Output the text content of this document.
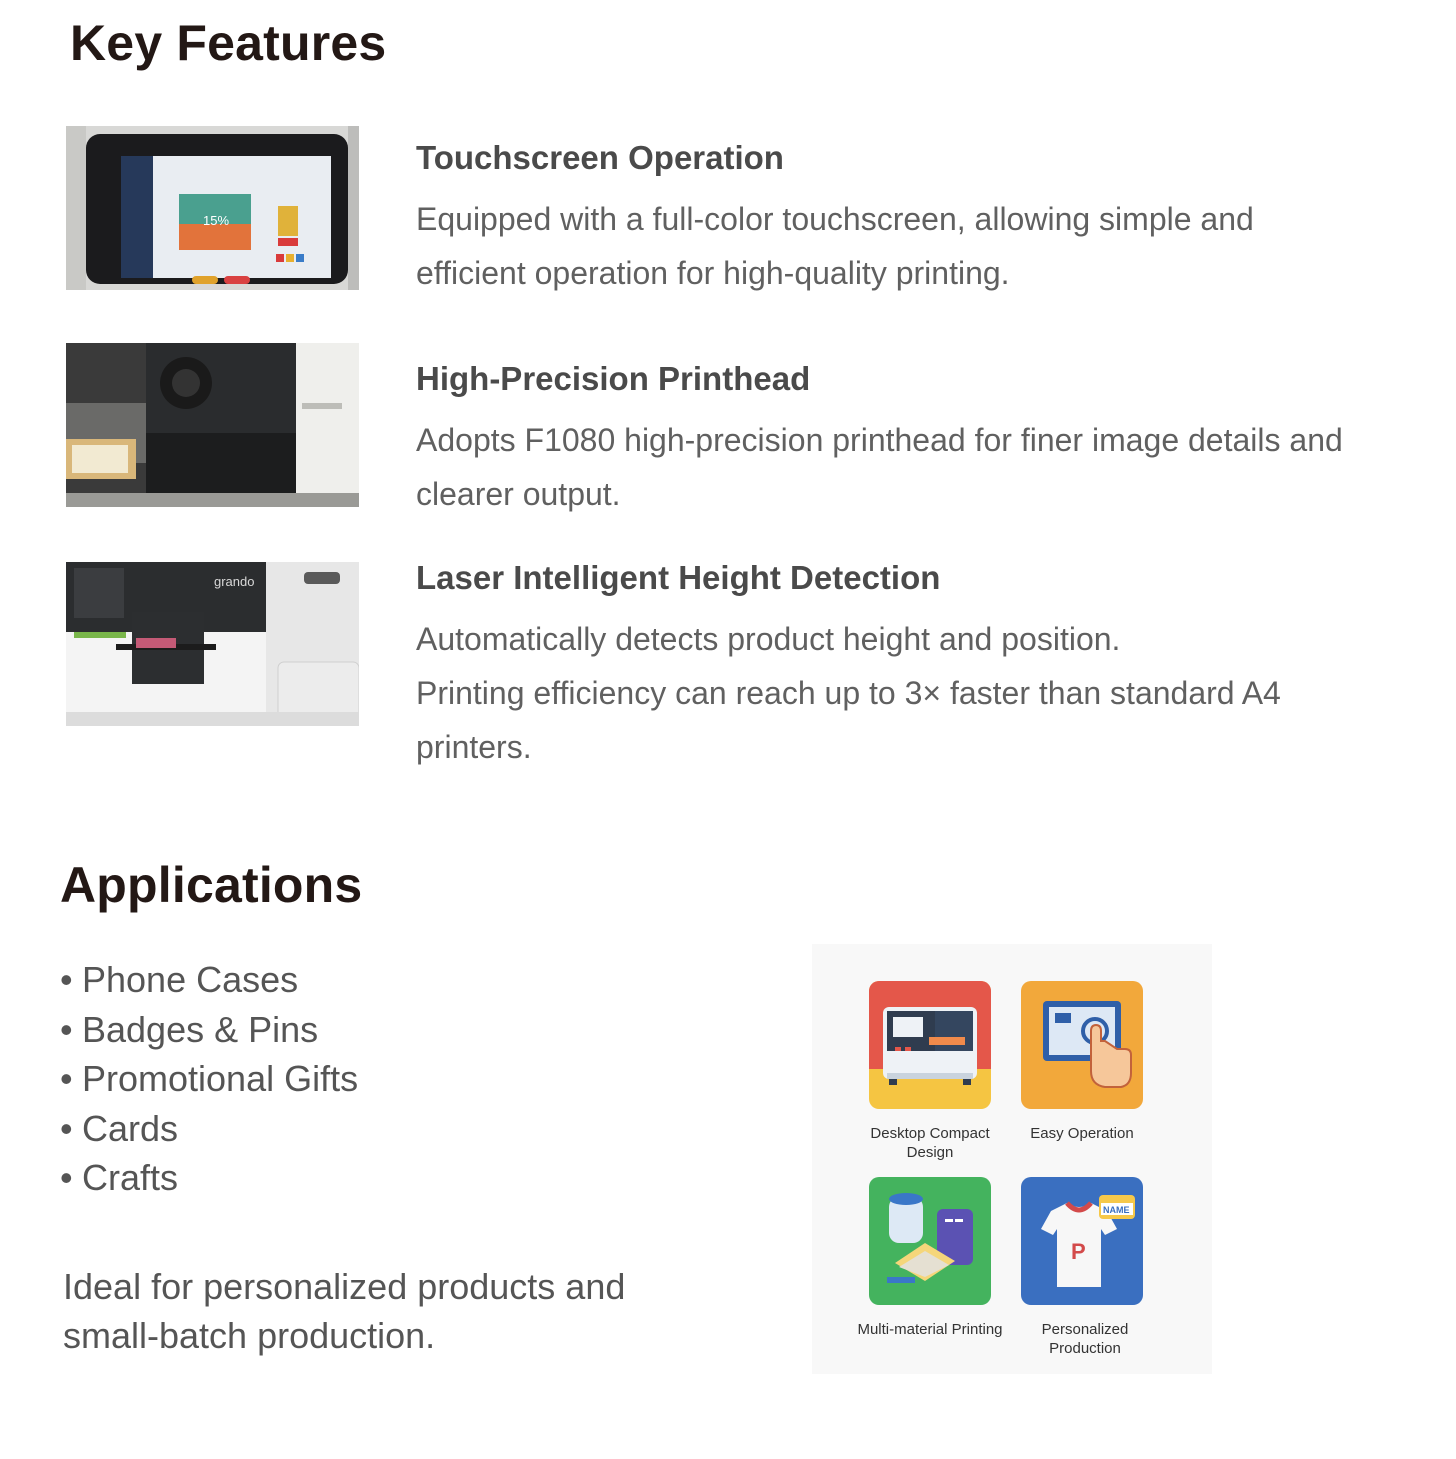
Key Features
15%

Touchscreen Operation

Equipped with a full-color touchscreen, allowing simple and efficient operation for high-quality printing.

High-Precision Printhead

Adopts F1080 high-precision printhead for finer image details and clearer output.

grando	Laser Intelligent Height Detection

Automatically detects product height and position.

Printing efficiency can reach up to 3× faster than standard A4 printers.

Applications
• Phone Cases
• Badges & Pins
• Promotional Gifts
• Cards
• Crafts

Ideal for personalized products and small-batch production.

Desktop Compact Design
Easy Operation
Multi-material Printing
P
NAME
Personalized Production
